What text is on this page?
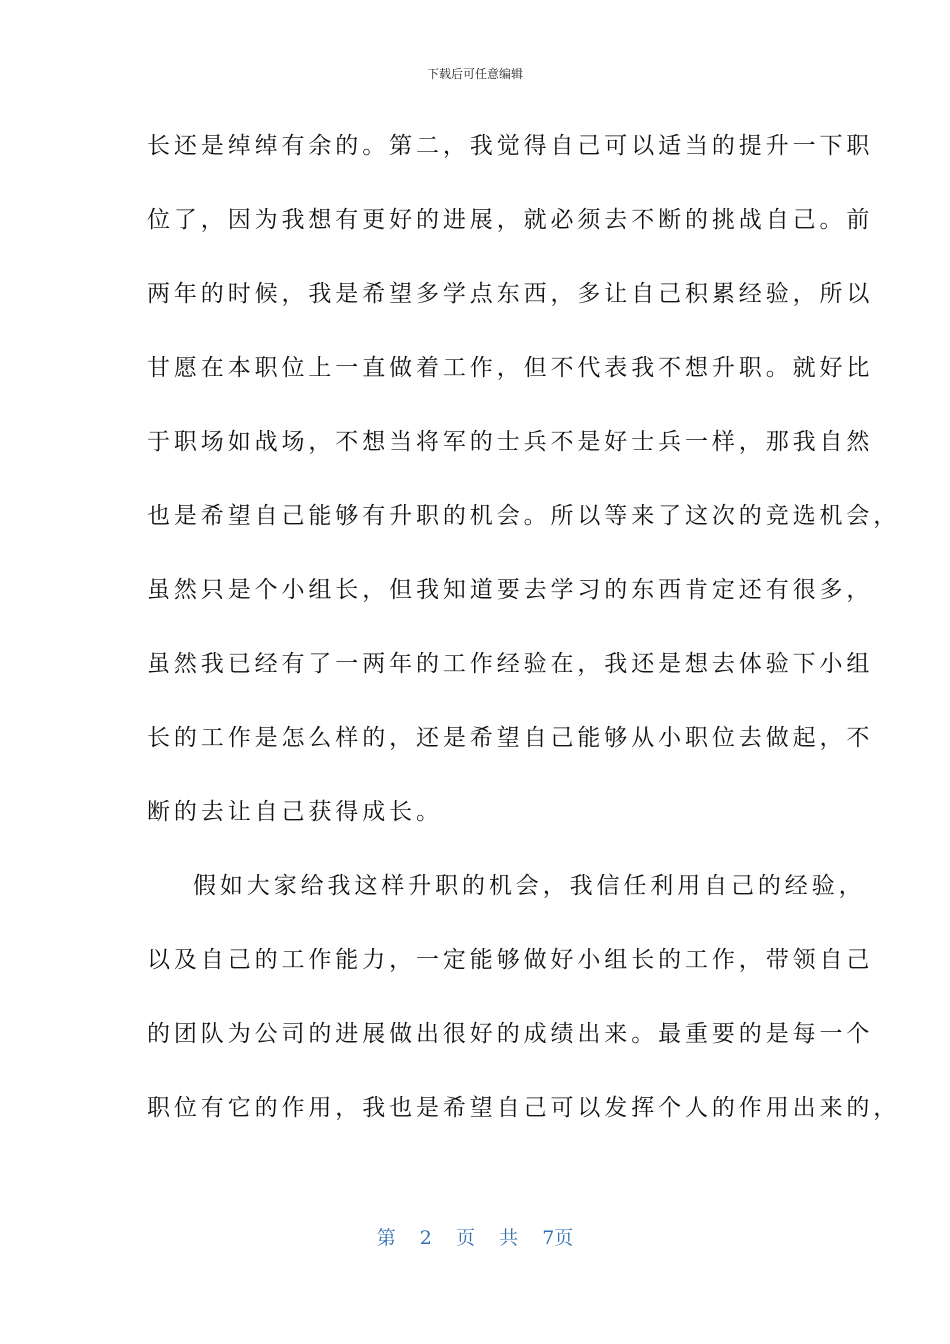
下载后可任意编辑
长还是绰绰有余的。第二，我觉得自己可以适当的提升一下职
位了，因为我想有更好的进展，就必须去不断的挑战自己。前
两年的时候，我是希望多学点东西，多让自己积累经验，所以
甘愿在本职位上一直做着工作，但不代表我不想升职。就好比
于职场如战场，不想当将军的士兵不是好士兵一样，那我自然
也是希望自己能够有升职的机会。所以等来了这次的竞选机会，
虽然只是个小组长，但我知道要去学习的东西肯定还有很多，
虽然我已经有了一两年的工作经验在，我还是想去体验下小组
长的工作是怎么样的，还是希望自己能够从小职位去做起，不
断的去让自己获得成长。
假如大家给我这样升职的机会，我信任利用自己的经验，
以及自己的工作能力，一定能够做好小组长的工作，带领自己
的团队为公司的进展做出很好的成绩出来。最重要的是每一个
职位有它的作用，我也是希望自己可以发挥个人的作用出来的，
第 2 页 共 7页
